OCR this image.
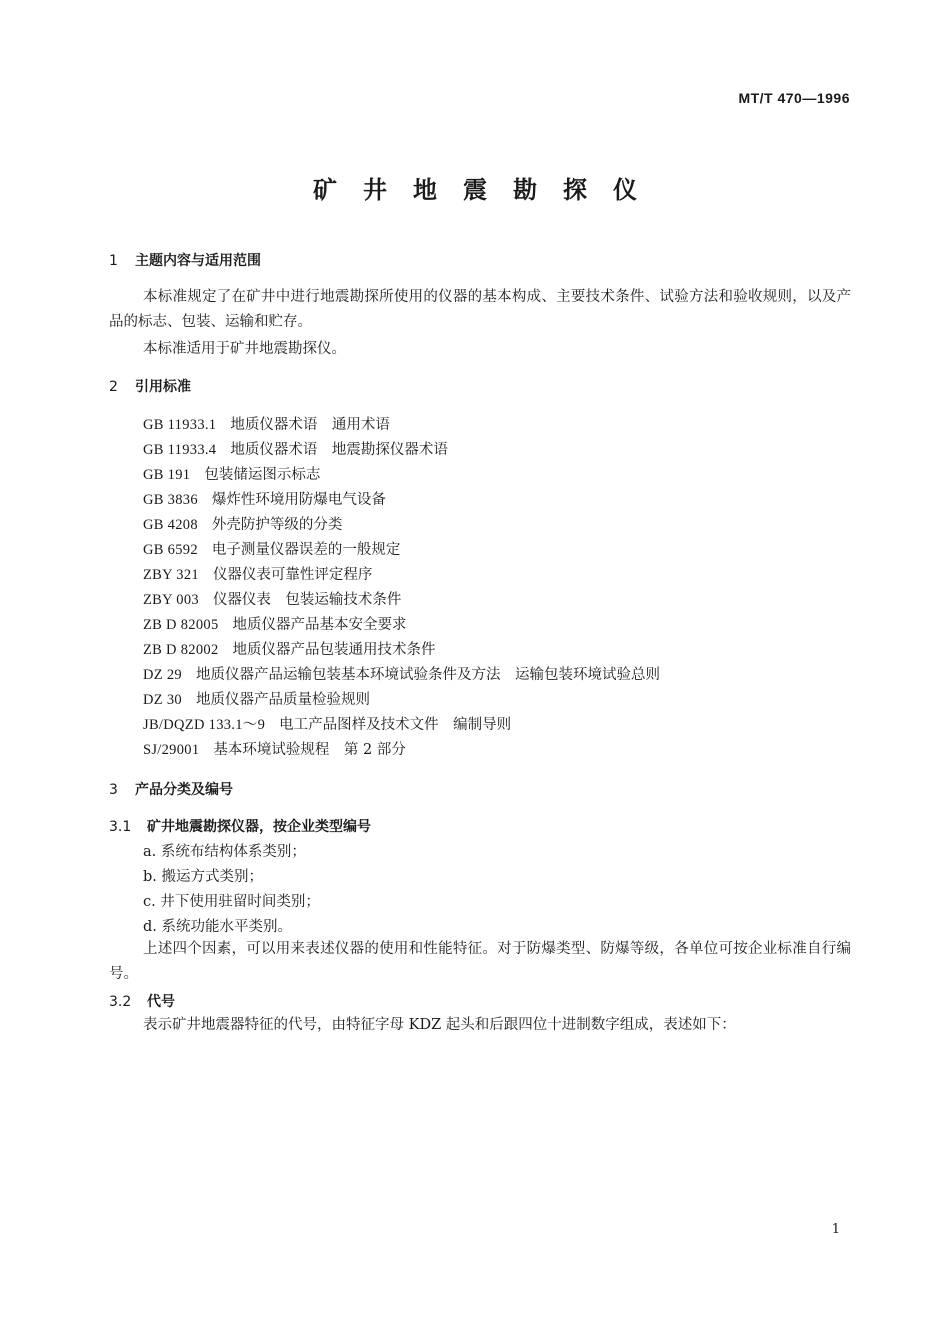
MT/T 470—1996
矿井地震勘探仪
1 主题内容与适用范围
本标准规定了在矿井中进行地震勘探所使用的仪器的基本构成、主要技术条件、试验方法和验收规则，以及产品的标志、包装、运输和贮存。
本标准适用于矿井地震勘探仪。
2 引用标准
GB 11933.1 地质仪器术语　通用术语
GB 11933.4 地质仪器术语　地震勘探仪器术语
GB 191 包装储运图示标志
GB 3836 爆炸性环境用防爆电气设备
GB 4208 外壳防护等级的分类
GB 6592 电子测量仪器误差的一般规定
ZBY 321 仪器仪表可靠性评定程序
ZBY 003 仪器仪表　包装运输技术条件
ZB D 82005 地质仪器产品基本安全要求
ZB D 82002 地质仪器产品包装通用技术条件
DZ 29 地质仪器产品运输包装基本环境试验条件及方法　运输包装环境试验总则
DZ 30 地质仪器产品质量检验规则
JB/DQZD 133.1～9 电工产品图样及技术文件　编制导则
SJ/29001 基本环境试验规程　第 2 部分
3 产品分类及编号
3.1 矿井地震勘探仪器，按企业类型编号
a. 系统布结构体系类别；
b. 搬运方式类别；
c. 井下使用驻留时间类别；
d. 系统功能水平类别。
上述四个因素，可以用来表述仪器的使用和性能特征。对于防爆类型、防爆等级，各单位可按企业标准自行编号。
3.2 代号
表示矿井地震器特征的代号，由特征字母 KDZ 起头和后跟四位十进制数字组成，表述如下：
1
